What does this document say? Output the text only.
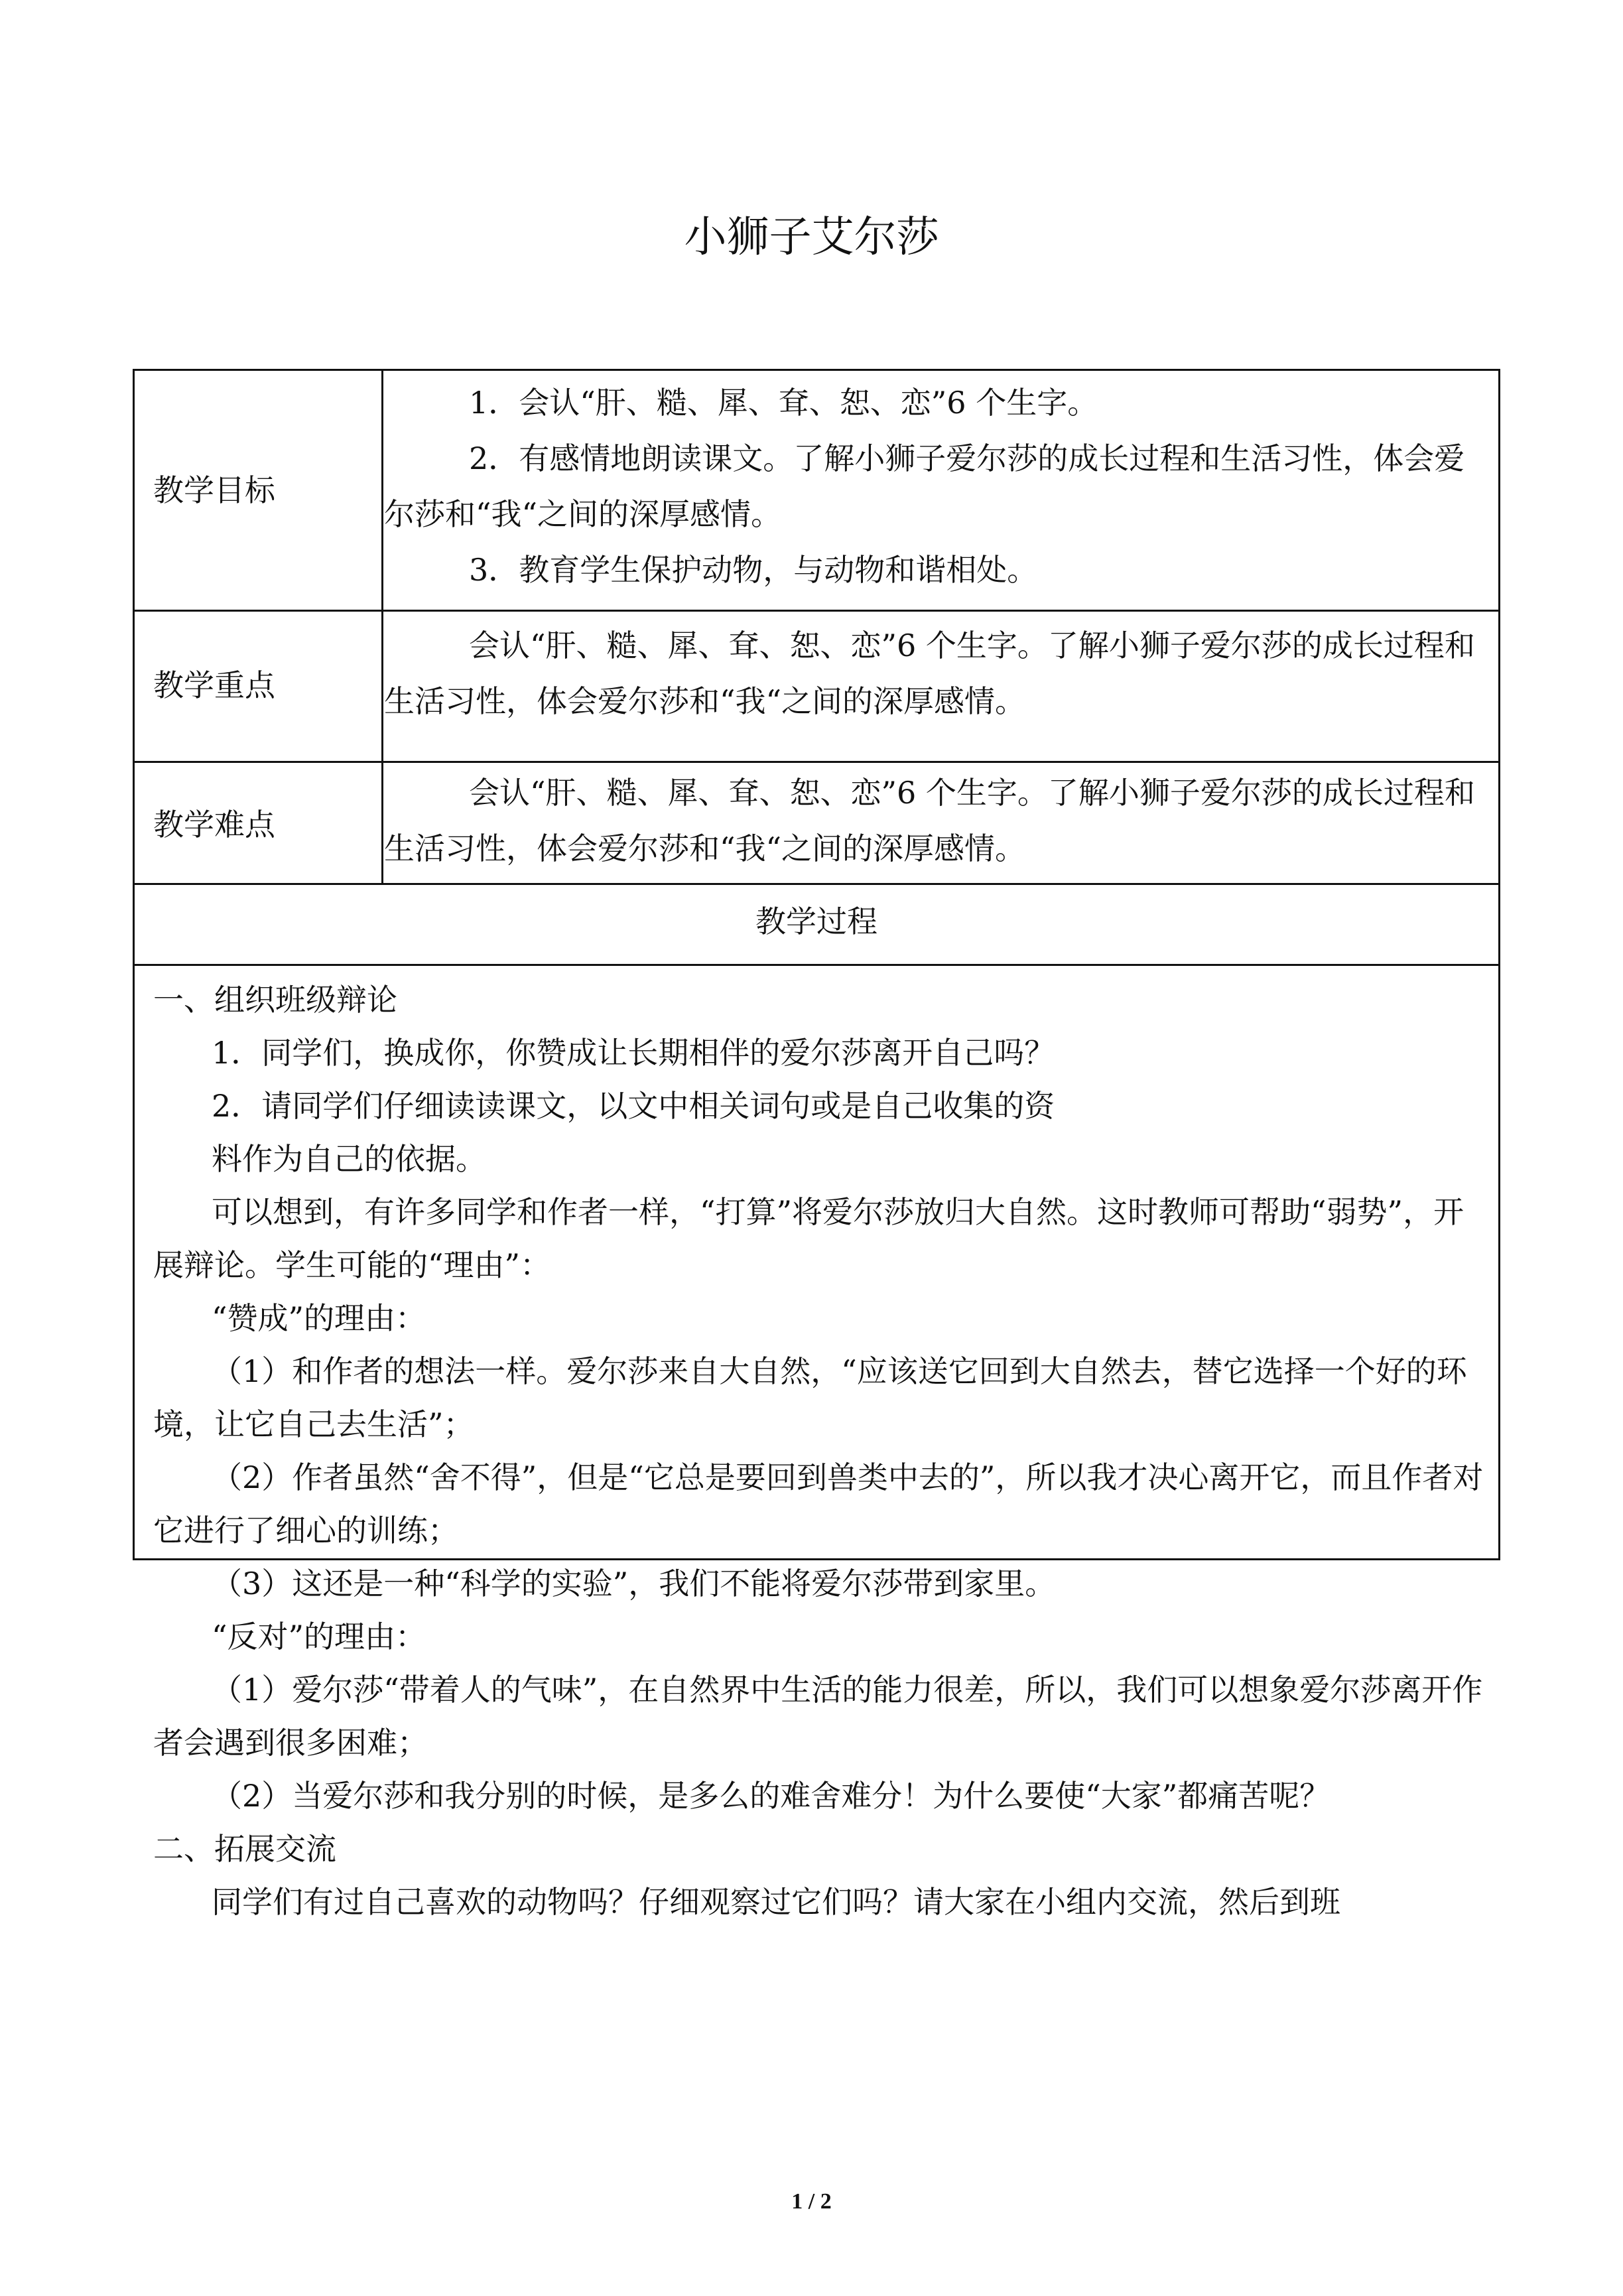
小狮子艾尔莎
教学目标

1．会认“肝、糙、犀、耷、恕、恋”6 个生字。

2．有感情地朗读课文。了解小狮子爱尔莎的成长过程和生活习性，体会爱尔莎和“我“之间的深厚感情。

3．教育学生保护动物，与动物和谐相处。

教学重点

会认“肝、糙、犀、耷、恕、恋”6 个生字。了解小狮子爱尔莎的成长过程和生活习性，体会爱尔莎和“我“之间的深厚感情。

教学难点

会认“肝、糙、犀、耷、恕、恋”6 个生字。了解小狮子爱尔莎的成长过程和生活习性，体会爱尔莎和“我“之间的深厚感情。

教学过程

一、组织班级辩论

1．同学们，换成你，你赞成让长期相伴的爱尔莎离开自己吗？

2．请同学们仔细读读课文，以文中相关词句或是自己收集的资

料作为自己的依据。

可以想到，有许多同学和作者一样，“打算”将爱尔莎放归大自然。这时教师可帮助“弱势”，开展辩论。学生可能的“理由”：

“赞成”的理由：

（1）和作者的想法一样。爱尔莎来自大自然，“应该送它回到大自然去，替它选择一个好的环境，让它自己去生活”；

（2）作者虽然“舍不得”，但是“它总是要回到兽类中去的”，所以我才决心离开它，而且作者对它进行了细心的训练；

（3）这还是一种“科学的实验”，我们不能将爱尔莎带到家里。

“反对”的理由：

（1）爱尔莎“带着人的气味”，在自然界中生活的能力很差，所以，我们可以想象爱尔莎离开作者会遇到很多困难；

（2）当爱尔莎和我分别的时候，是多么的难舍难分！为什么要使“大家”都痛苦呢？

二、拓展交流

同学们有过自己喜欢的动物吗？仔细观察过它们吗？请大家在小组内交流，然后到班

1 / 2
